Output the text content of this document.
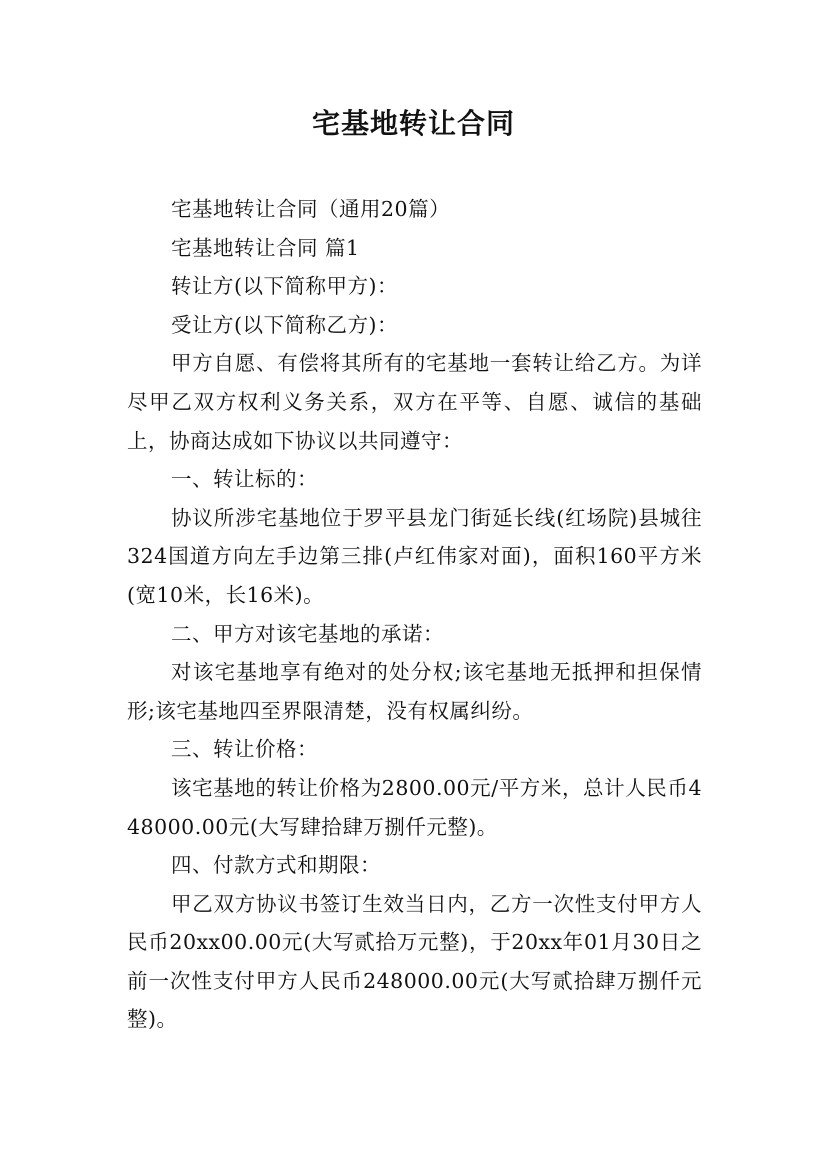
宅基地转让合同

宅基地转让合同（通用20篇）

宅基地转让合同 篇1

转让方(以下简称甲方)：

受让方(以下简称乙方)：

甲方自愿、有偿将其所有的宅基地一套转让给乙方。为详尽甲乙双方权利义务关系，双方在平等、自愿、诚信的基础上，协商达成如下协议以共同遵守：

一、转让标的：

协议所涉宅基地位于罗平县龙门街延长线(红场院)县城往324国道方向左手边第三排(卢红伟家对面)，面积160平方米(宽10米，长16米)。

二、甲方对该宅基地的承诺：

对该宅基地享有绝对的处分权;该宅基地无抵押和担保情形;该宅基地四至界限清楚，没有权属纠纷。

三、转让价格：

该宅基地的转让价格为2800.00元/平方米，总计人民币448000.00元(大写肆拾肆万捌仟元整)。

四、付款方式和期限：

甲乙双方协议书签订生效当日内，乙方一次性支付甲方人民币20xx00.00元(大写贰拾万元整)，于20xx年01月30日之前一次性支付甲方人民币248000.00元(大写贰拾肆万捌仟元整)。
